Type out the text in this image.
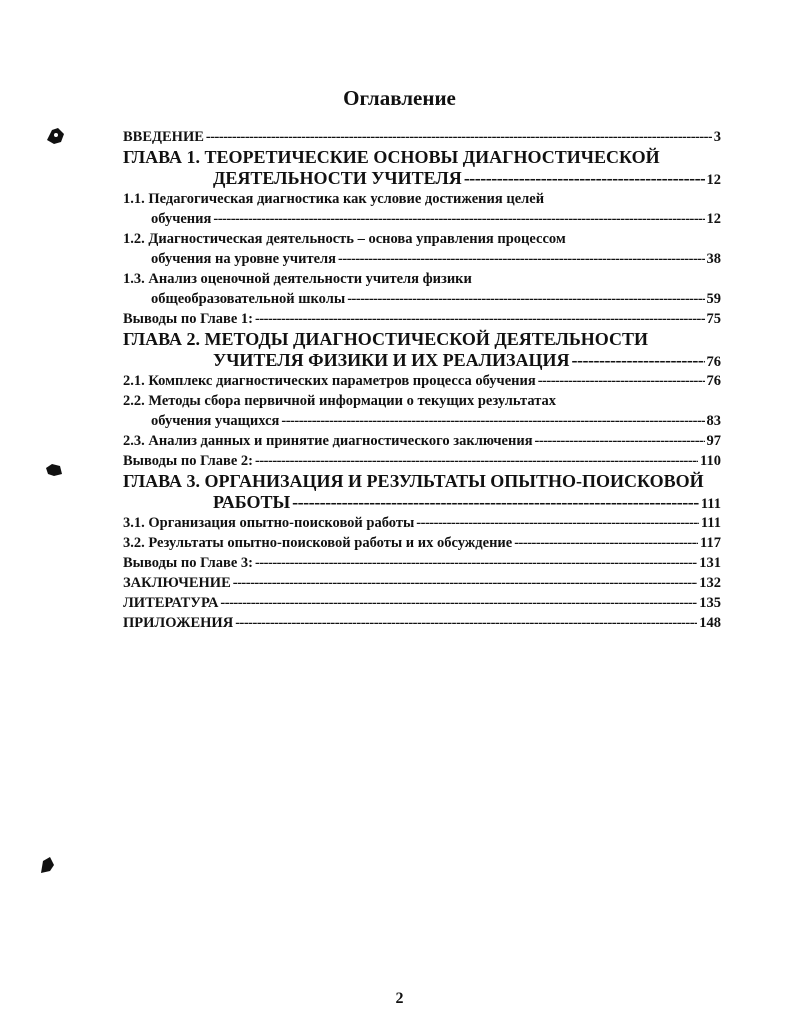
Оглавление
ВВЕДЕНИЕ -----	3
ГЛАВА 1. ТЕОРЕТИЧЕСКИЕ ОСНОВЫ ДИАГНОСТИЧЕСКОЙ
ДЕЯТЕЛЬНОСТИ УЧИТЕЛЯ -----	12
1.1. Педагогическая диагностика как условие достижения целей
обучения -----	12
1.2. Диагностическая деятельность – основа управления процессом
обучения на уровне учителя -----	38
1.3. Анализ оценочной деятельности учителя физики
общеобразовательной школы -----	59
Выводы по Главе 1: -----	75
ГЛАВА 2. МЕТОДЫ ДИАГНОСТИЧЕСКОЙ ДЕЯТЕЛЬНОСТИ
УЧИТЕЛЯ ФИЗИКИ И ИХ РЕАЛИЗАЦИЯ -----	76
2.1. Комплекс диагностических параметров процесса обучения -----	76
2.2. Методы сбора первичной информации о текущих результатах
обучения учащихся -----	83
2.3. Анализ данных и принятие диагностического заключения -----	97
Выводы по Главе 2: -----	110
ГЛАВА 3. ОРГАНИЗАЦИЯ И РЕЗУЛЬТАТЫ ОПЫТНО-ПОИСКОВОЙ
РАБОТЫ -----	111
3.1. Организация опытно-поисковой работы -----	111
3.2. Результаты опытно-поисковой работы и их обсуждение -----	117
Выводы по Главе 3: -----	131
ЗАКЛЮЧЕНИЕ -----	132
ЛИТЕРАТУРА -----	135
ПРИЛОЖЕНИЯ -----	148
2
